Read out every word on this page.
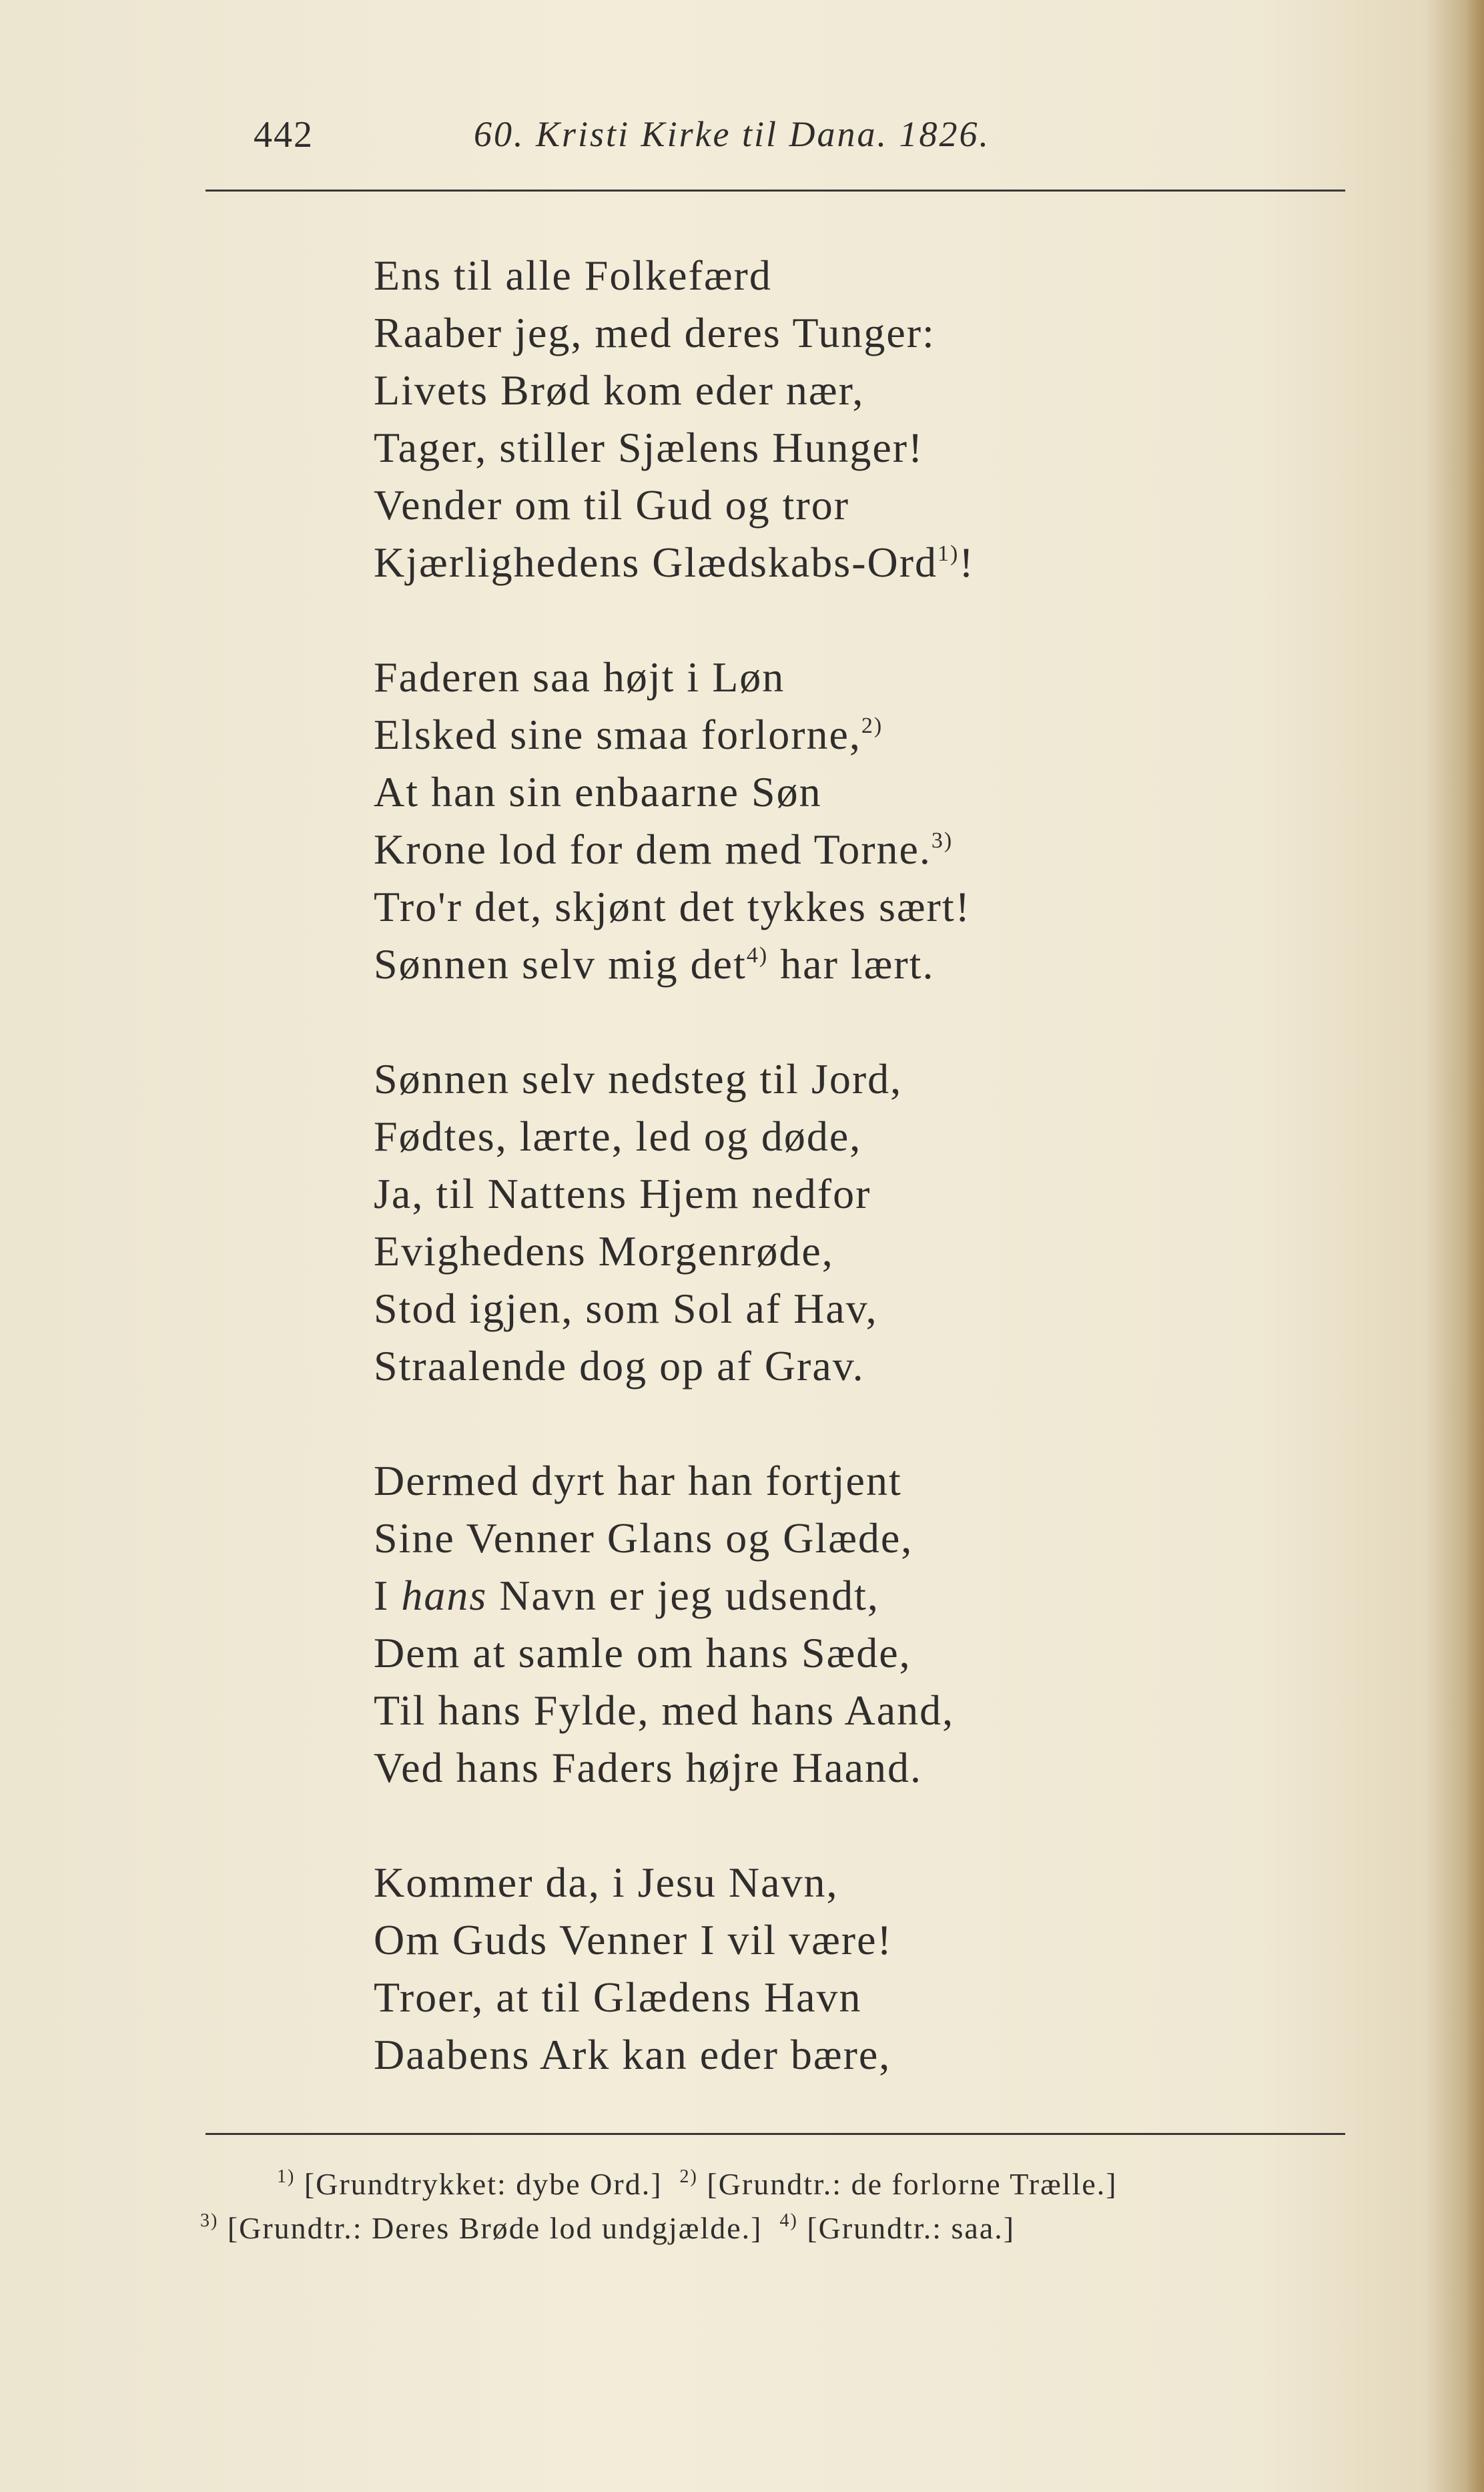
442	60. Kristi Kirke til Dana. 1826.
Ens til alle Folkefærd
Raaber jeg, med deres Tunger:
Livets Brød kom eder nær,
Tager, stiller Sjælens Hunger!
Vender om til Gud og tror
Kjærlighedens Glædskabs-Ord$^{1)}$!
Faderen saa højt i Løn
Elsked sine smaa forlorne,$^{2)}$
At han sin enbaarne Søn
Krone lod for dem med Torne.$^{3)}$
Tro'r det, skjønt det tykkes sært!
Sønnen selv mig $\det^{4)}$ har lært.
Sønnen selv nedsteg til Jord,
Fødtes, lærte, led og døde,
Ja, til Nattens Hjem nedfor
Evighedens Morgenrøde,
Stod igjen, som Sol af Hav,
Straalende dog op af Grav.
Dermed dyrt har han fortjent
Sine Venner Glans og Glæde,
I hans Navn er jeg udsendt,
Dem at samle om hans Sæde,
Til hans Fylde, med hans Aand,
Ved hans Faders højre Haand.
Kommer da, i Jesu Navn,
Om Guds Venner I vil være!
Troer, at til Glædens Havn
Daabens Ark kan eder bære,
$^{1)}$ [Grundtrykket: dybe Ord.] $^{2)}$ [Grundtr.: de forlorne Trælle.]
$^{3)}$ [Grundtr.: Deres Brøde lod undgjælde.] $^{4)}$ [Grundtr.: saa.]
